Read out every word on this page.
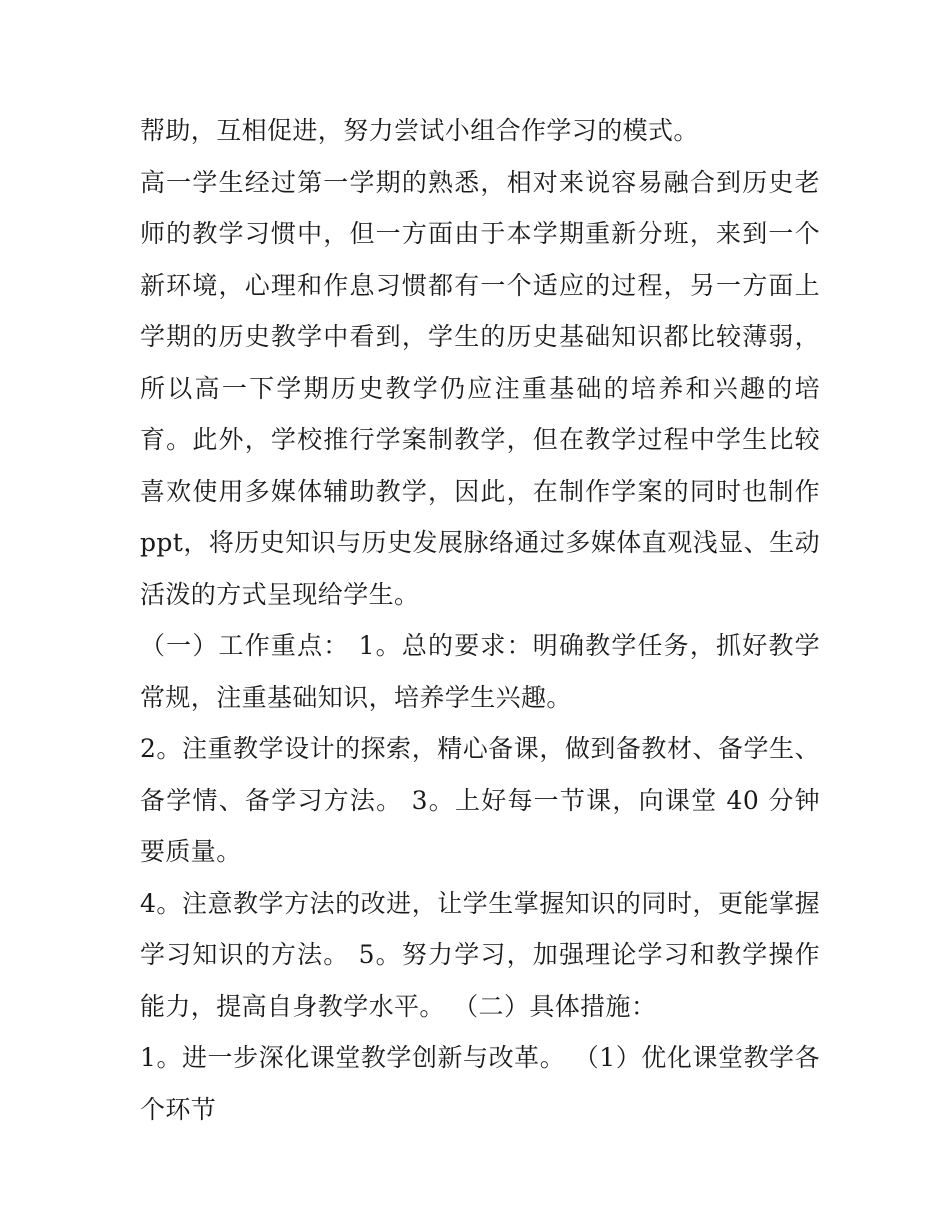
帮助，互相促进，努力尝试小组合作学习的模式。

高一学生经过第一学期的熟悉，相对来说容易融合到历史老师的教学习惯中，但一方面由于本学期重新分班，来到一个新环境，心理和作息习惯都有一个适应的过程，另一方面上学期的历史教学中看到，学生的历史基础知识都比较薄弱，所以高一下学期历史教学仍应注重基础的培养和兴趣的培育。此外，学校推行学案制教学，但在教学过程中学生比较喜欢使用多媒体辅助教学，因此，在制作学案的同时也制作 ppt，将历史知识与历史发展脉络通过多媒体直观浅显、生动活泼的方式呈现给学生。

（一）工作重点： 1。总的要求：明确教学任务，抓好教学常规，注重基础知识，培养学生兴趣。

2。注重教学设计的探索，精心备课，做到备教材、备学生、备学情、备学习方法。 3。上好每一节课，向课堂 40 分钟要质量。

4。注意教学方法的改进，让学生掌握知识的同时，更能掌握学习知识的方法。 5。努力学习，加强理论学习和教学操作能力，提高自身教学水平。 （二）具体措施：

1。进一步深化课堂教学创新与改革。 （1）优化课堂教学各个环节
